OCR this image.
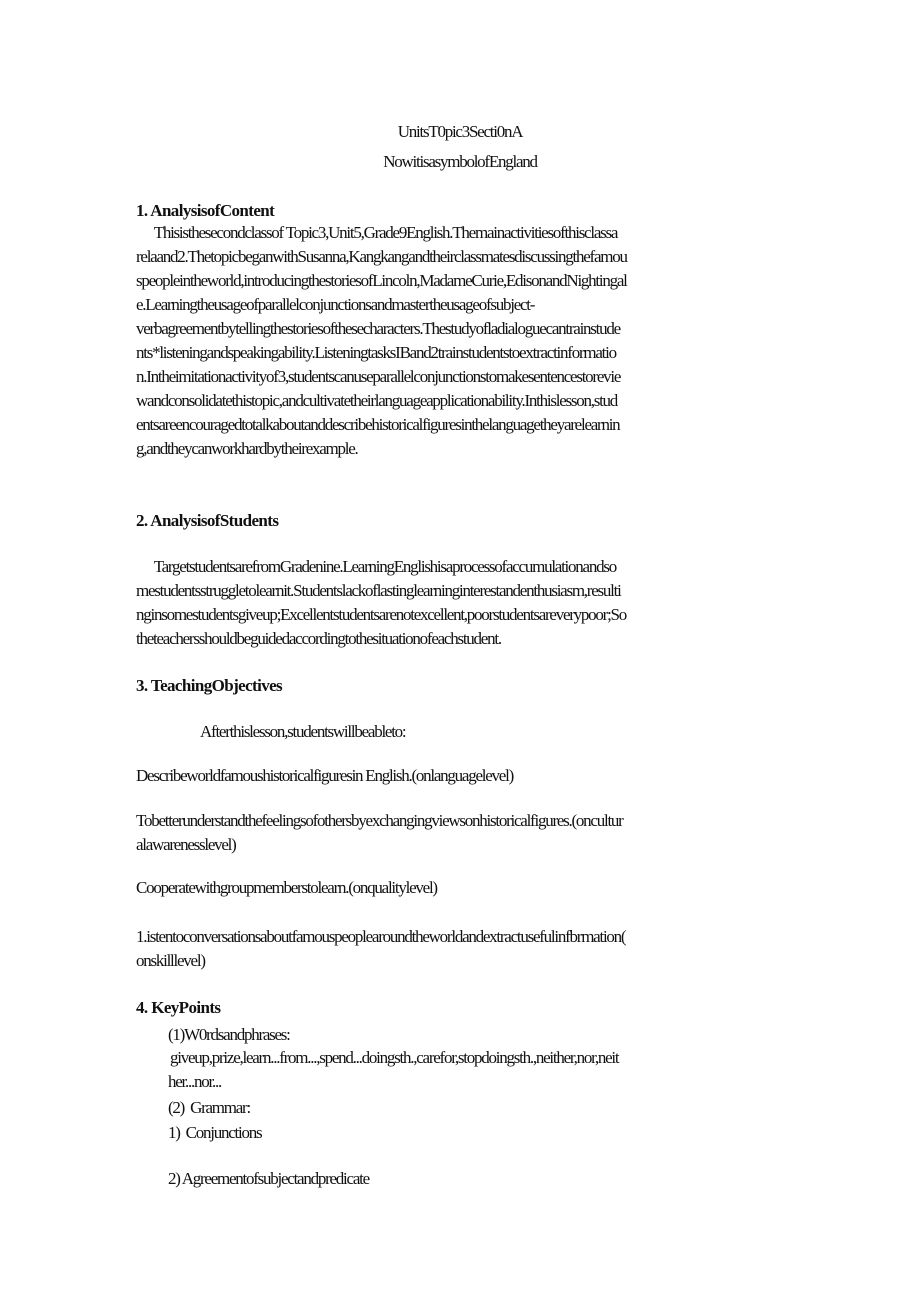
UnitsT0pic3Secti0nA
NowitisasymbolofEngland
1. AnalysisofContent
Thisisthesecondclassof Topic3,Unit5,Grade9English.Themainactivitiesofthisclassa
relaand2.ThetopicbeganwithSusanna,Kangkangandtheirclassmatesdiscussingthefamou
speopleintheworld,introducingthestoriesofLincoln,MadameCurie,EdisonandNightingal
e.Learningtheusageofparallelconjunctionsandmastertheusageofsubject-
verbagreementbytellingthestoriesofthesecharacters.Thestudyofladialoguecantrainstude
nts*listeningandspeakingability.ListeningtasksIBand2trainstudentstoextractinformatio
n.Intheimitationactivityof3,studentscanuseparallelconjunctionstomakesentencestorevie
wandconsolidatethistopic,andcultivatetheirlanguageapplicationability.Inthislesson,stud
entsareencouragedtotalkaboutanddescribehistoricalfiguresinthelanguagetheyarelearnin
g,andtheycanworkhardbytheirexample.
2. AnalysisofStudents
TargetstudentsarefromGradenine.LearningEnglishisaprocessofaccumulationandso
mestudentsstruggletolearnit.Studentslackoflastinglearninginterestandenthusiasm,resulti
nginsomestudentsgiveup;Excellentstudentsarenotexcellent,poorstudentsareverypoor;So
theteachersshouldbeguidedaccordingtothesituationofeachstudent.
3. TeachingObjectives
Afterthislesson,studentswillbeableto:
Describeworldfamoushistoricalfiguresin English.(onlanguagelevel)
Tobetterunderstandthefeelingsofothersbyexchangingviewsonhistoricalfigures.(oncultur
alawarenesslevel)
Cooperatewithgroupmemberstolearn.(onqualitylevel)
1.istentoconversationsaboutfamouspeoplearoundtheworldandextractusefulinfbrmation(
onskilllevel)
4. KeyPoints
(1)W0rdsandphrases:
giveup,prize,learn...from...,spend...doingsth.,carefor,stopdoingsth.,neither,nor,neit
her...nor...
(2)  Grammar:
1)  Conjunctions
2) Agreementofsubjectandpredicate
